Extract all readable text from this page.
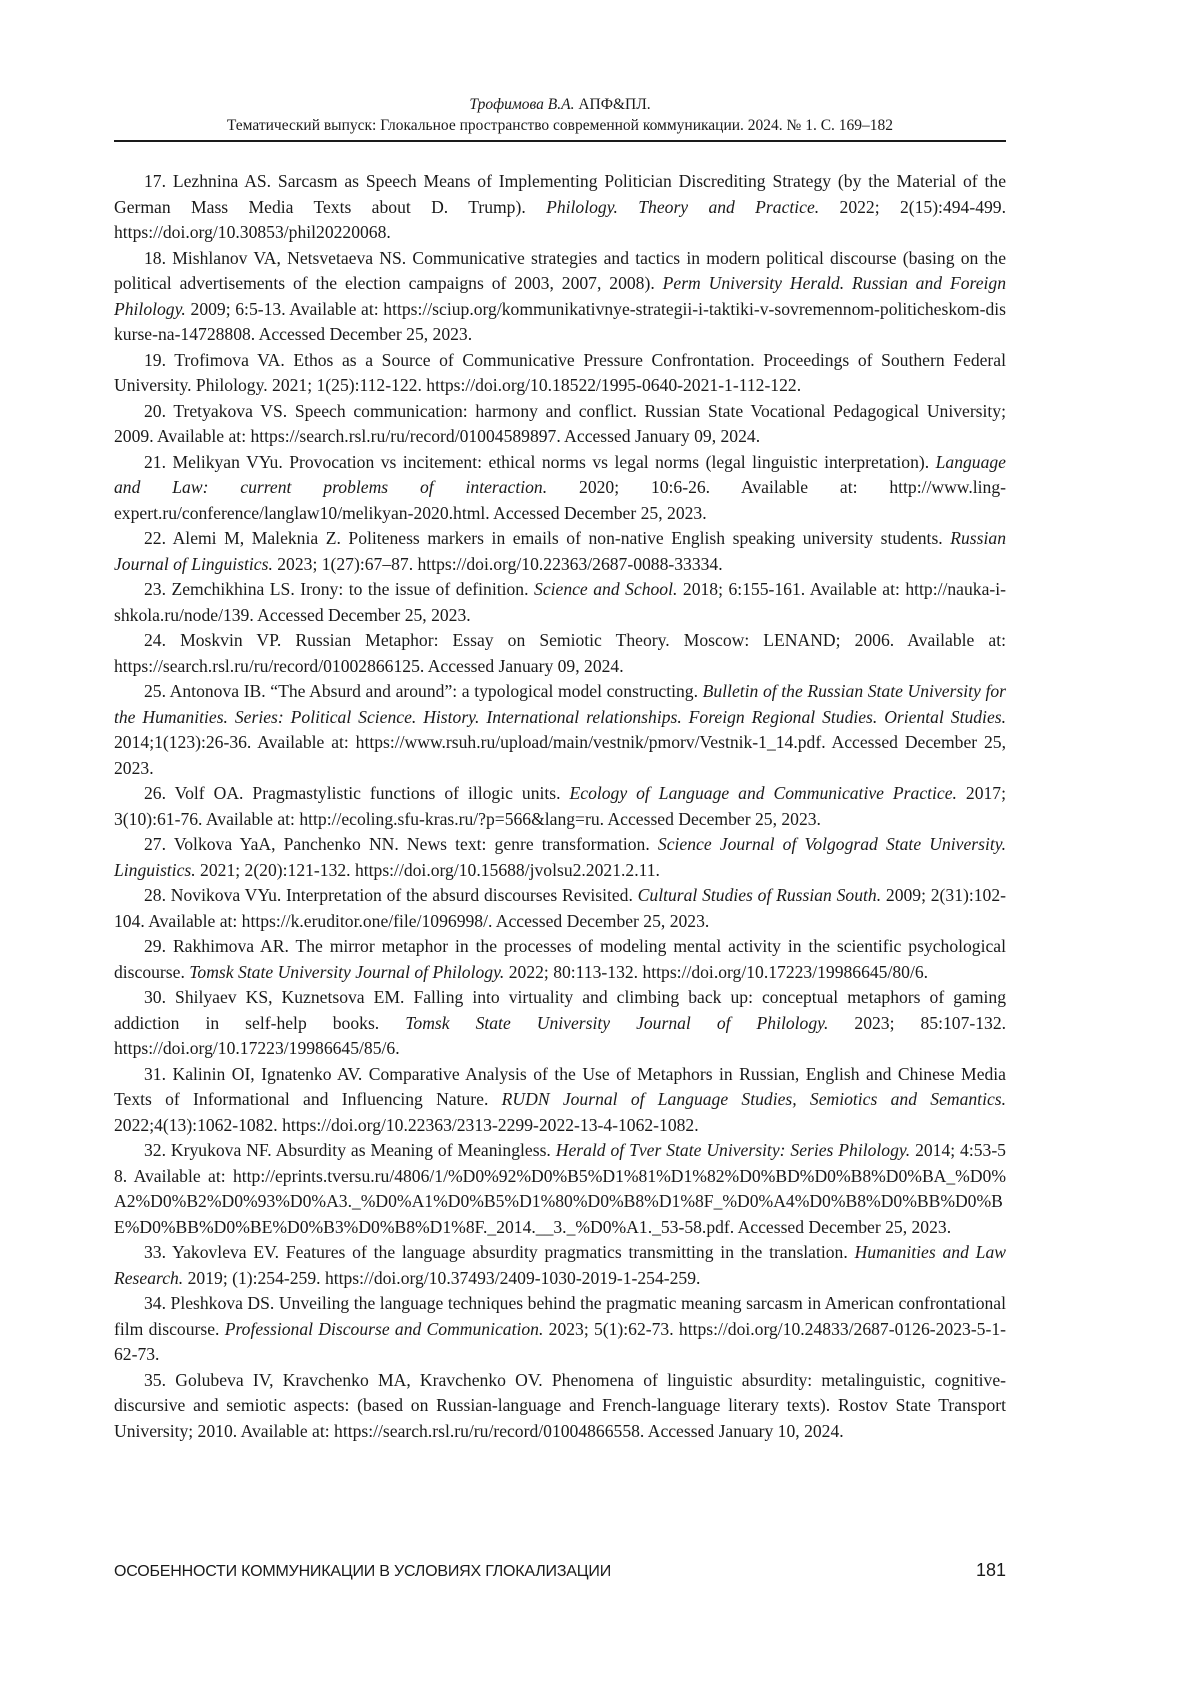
Трофимова В.А. АПФ&ПЛ.
Тематический выпуск: Глокальное пространство современной коммуникации. 2024. № 1. С. 169–182

17. Lezhnina AS. Sarcasm as Speech Means of Implementing Politician Discrediting Strategy (by the Ma­terial of the German Mass Media Texts about D. Trump). Philology. Theory and Practice. 2022; 2(15):494-499. https://doi.org/10.30853/phil20220068.

18. Mishlanov VA, Netsvetaeva NS. Communicative strategies and tactics in modern political discourse (basing on the political advertisements of the election campaigns of 2003, 2007, 2008). Perm University Her­ald. Russian and Foreign Philology. 2009; 6:5-13. Available at: https://sciup.org/kommunikativnye-strate­gii-i-taktiki-v-sovremennom-politicheskom-diskurse-na-14728808. Accessed December 25, 2023.

19. Trofimova VA. Ethos as a Source of Communicative Pressure Confrontation. Proceedings of Southern Federal University. Philology. 2021; 1(25):112-122. https://doi.org/10.18522/1995-0640-2021-1-112-122.

20. Tretyakova VS. Speech communication: harmony and conflict. Russian State Vocational Pedagogical University; 2009. Available at: https://search.rsl.ru/ru/record/01004589897. Accessed January 09, 2024.

21. Melikyan VYu. Provocation vs incitement: ethical norms vs legal norms (legal linguistic interpretation). Language and Law: current problems of interaction. 2020; 10:6-26. Available at: http://www.ling-expert.ru/conference/langlaw10/melikyan-2020.html. Accessed December 25, 2023.

22. Alemi M, Maleknia Z. Politeness markers in emails of non-native English speaking university students. Russian Journal of Linguistics. 2023; 1(27):67–87. https://doi.org/10.22363/2687-0088-33334.

23. Zemchikhina LS. Irony: to the issue of definition. Science and School. 2018; 6:155-161. Available at: http://nauka-i-shkola.ru/node/139. Accessed December 25, 2023.

24. Moskvin VP. Russian Metaphor: Essay on Semiotic Theory. Moscow: LENAND; 2006. Available at: https://search.rsl.ru/ru/record/01002866125. Accessed January 09, 2024.

25. Antonova IB. “The Absurd and around”: a typological model constructing. Bulletin of the Russian State University for the Humanities. Series: Political Science. History. International relationships. Foreign Regional Studies. Oriental Studies. 2014;1(123):26-36. Available at: https://www.rsuh.ru/upload/main/vestnik/pmorv/Vestnik-1_14.pdf. Accessed December 25, 2023.

26. Volf OA. Pragmastylistic functions of illogic units. Ecology of Language and Communicative Practice. 2017; 3(10):61-76. Available at: http://ecoling.sfu-kras.ru/?p=566&lang=ru. Accessed December 25, 2023.

27. Volkova YaA, Panchenko NN. News text: genre transformation. Science Journal of Volgograd State University. Linguistics. 2021; 2(20):121-132. https://doi.org/10.15688/jvolsu2.2021.2.11.

28. Novikova VYu. Interpretation of the absurd discourses Revisited. Cultural Studies of Russian South. 2009; 2(31):102-104. Available at: https://k.eruditor.one/file/1096998/. Accessed December 25, 2023.

29. Rakhimova AR. The mirror metaphor in the processes of modeling mental activity in the scientif­ic psychological discourse. Tomsk State University Journal of Philology. 2022; 80:113-132. https://doi.org/10.17223/19986645/80/6.

30. Shilyaev KS, Kuznetsova EM. Falling into virtuality and climbing back up: conceptual metaphors of gaming addiction in self-help books. Tomsk State University Journal of Philology. 2023; 85:107-132. https://doi.org/10.17223/19986645/85/6.

31. Kalinin OI, Ignatenko AV. Comparative Analysis of the Use of Metaphors in Russian, English and Chi­nese Media Texts of Informational and Influencing Nature. RUDN Journal of Language Studies, Semiotics and Semantics. 2022;4(13):1062-1082. https://doi.org/10.22363/2313-2299-2022-13-4-1062-1082.

32. Kryukova NF. Absurdity as Meaning of Meaningless. Herald of Tver State University: Series Philology. 2014; 4:53-58. Available at: http://eprints.tversu.ru/4806/1/%D0%92%D0%B5%D1%81%D1%82%D0%BD%D0%B8%D0%BA_%D0%A2%D0%B2%D0%93%D0%A3._%D0%A1%D0%B5%D1%80%D0%B8%D1%8F_%D0%A4%D0%B8%D0%BB%D0%BE%D0%BB%D0%BE%D0%B3%D0%B8%D1%8F._2014.__3._%D0%A1._53-58.pdf. Accessed December 25, 2023.

33. Yakovleva EV. Features of the language absurdity pragmatics transmitting in the translation. Human­ities and Law Research. 2019; (1):254-259. https://doi.org/10.37493/2409-1030-2019-1-254-259.

34. Pleshkova DS. Unveiling the language techniques behind the pragmatic meaning sarcasm in Ameri­can confrontational film discourse. Professional Discourse and Communication. 2023; 5(1):62-73. https://doi.org/10.24833/2687-0126-2023-5-1-62-73.

35. Golubeva IV, Kravchenko MA, Kravchenko OV. Phenomena of linguistic absurdity: metalinguistic, cognitive-discursive and semiotic aspects: (based on Russian-language and French-language literary texts). Rostov State Transport University; 2010. Available at: https://search.rsl.ru/ru/record/01004866558. Accessed January 10, 2024.

ОСОБЕННОСТИ КОММУНИКАЦИИ В УСЛОВИЯХ ГЛОКАЛИЗАЦИИ	181
